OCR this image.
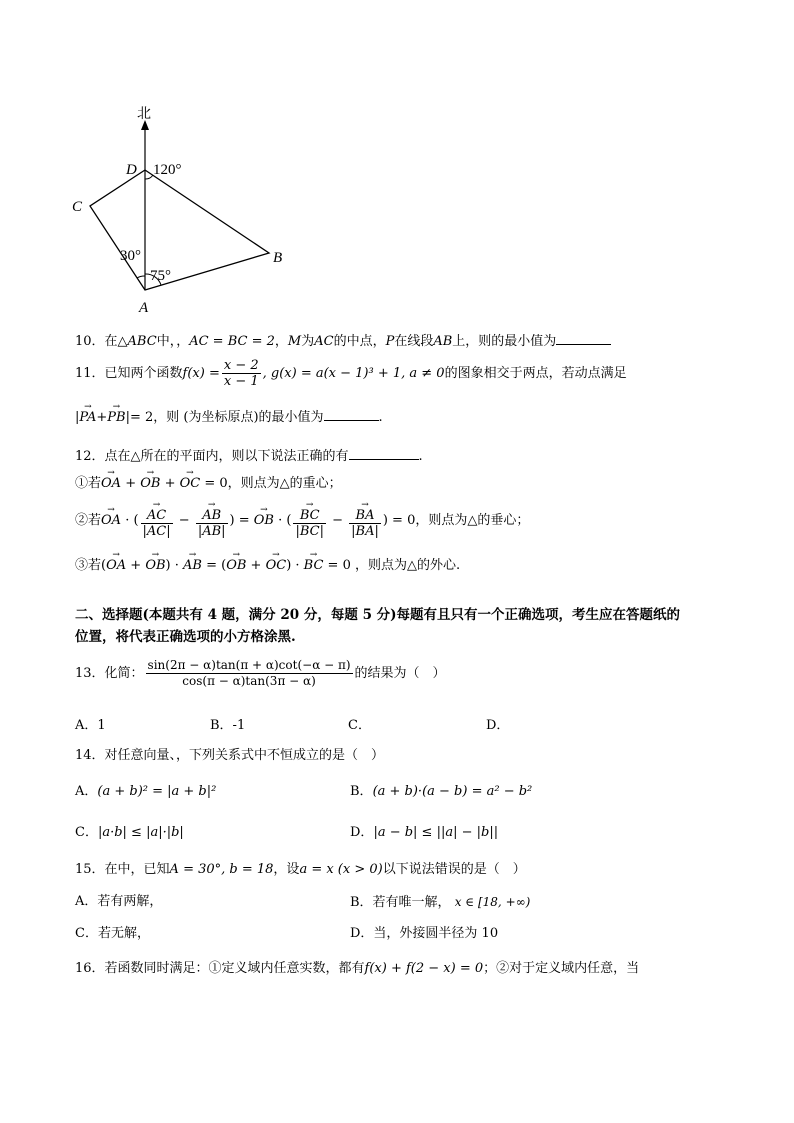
北
D
C
B
A
120°
30°
75°
10．在△ABC中，，AC = BC = 2，M为AC的中点，P在线段AB上，则的最小值为
11．已知两个函数$f(x) = \frac{x - 2}{x - 1}$ , g(x) = a(x − 1)³ + 1, a ≠ 0的图象相交于两点，若动点满足
|
→
PA +
→
PB |= 2，则 (为坐标原点)的最小值为	.
12．点在△所在的平面内，则以下说法正确的有	.
①若
→
OA +
→
OB +
→
OC = 0，则点为△的重心；
②若
→
OA · ( →
AC
|AC| − →
AB
|AB| ) =
→
OB · ( →
BC
|BC| − →
BA
|BA| ) = 0，则点为△的垂心；
③若(
→
OA +
→
OB ) ·
→
AB = (
→
OB +
→
OC ) ·
→
BC = 0 ，则点为△的外心.
二、选择题(本题共有 4 题，满分 20 分，每题 5 分)每题有且只有一个正确选项，考生应在答题纸的
位置，将代表正确选项的小方格涂黑.
13．化简： $\frac{\sin(2\pi - \alpha)\tan(\pi + \alpha)\cot(-\alpha - \pi)}{\cos(\pi - \alpha)\tan(3\pi - \alpha)}$ 的结果为（　）
A．1	B．-1	C．	D．
14．对任意向量、，下列关系式中不恒成立的是（　）
A．(a + b)² = |a + b|²	B．(a + b)·(a − b) = a² − b²
C．|a·b| ≤ |a|·|b|	D．|a − b| ≤ ||a| − |b||
15．在中，已知A = 30°, b = 18，设a = x (x > 0)以下说法错误的是（　）
A．若有两解，	B．若有唯一解， x ∈ [18, +∞)
C．若无解，	D．当，外接圆半径为 10
16．若函数同时满足：①定义域内任意实数，都有f(x) + f(2 − x) = 0；②对于定义域内任意，当
